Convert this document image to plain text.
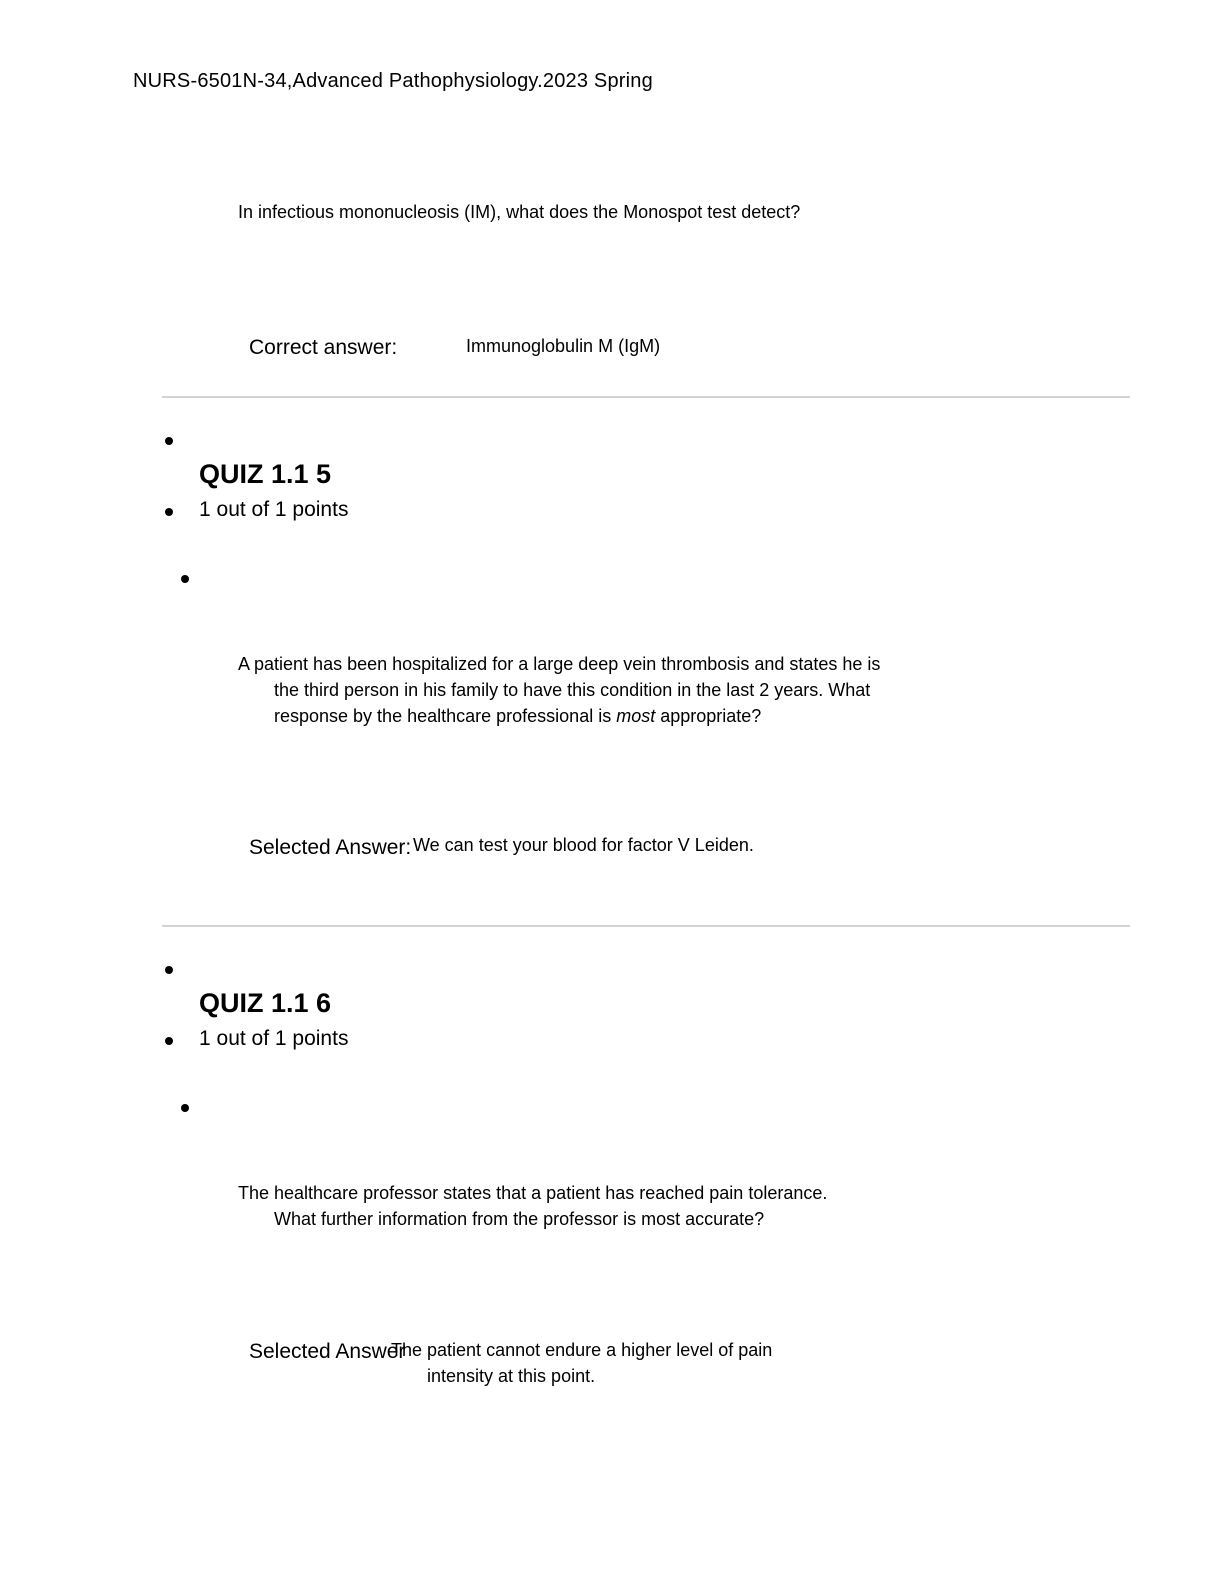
NURS-6501N-34,Advanced Pathophysiology.2023 Spring
In infectious mononucleosis (IM), what does the Monospot test detect?
Correct answer:	Immunoglobulin M (IgM)
QUIZ 1.1 5
1 out of 1 points
A patient has been hospitalized for a large deep vein thrombosis and states he is the third person in his family to have this condition in the last 2 years. What response by the healthcare professional is most appropriate?
Selected Answer: We can test your blood for factor V Leiden.
QUIZ 1.1 6
1 out of 1 points
The healthcare professor states that a patient has reached pain tolerance. What further information from the professor is most accurate?
Selected Answer
The patient cannot endure a higher level of pain intensity at this point.
